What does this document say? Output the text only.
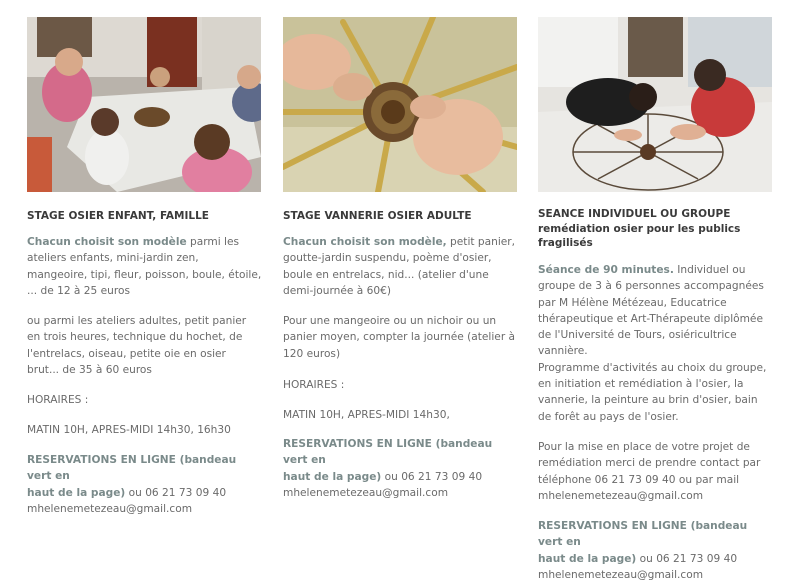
STAGE OSIER ENFANT, FAMILLE

Chacun choisit son modèle parmi les
ateliers enfants, mini-jardin zen,
mangeoire, tipi, fleur, poisson, boule, étoile,
... de 12 à 25 euros
ou parmi les ateliers adultes, petit panier
en trois heures, technique du hochet, de
l'entrelacs, oiseau, petite oie en osier
brut... de 35 à 60 euros
HORAIRES :
MATIN 10H, APRES-MIDI 14h30, 16h30
RESERVATIONS EN LIGNE (bandeau vert en
haut de la page) ou 06 21 73 09 40
mhelenemetezeau@gmail.com

STAGE VANNERIE OSIER ADULTE

Chacun choisit son modèle, petit panier,
goutte-jardin suspendu, poème d'osier,
boule en entrelacs, nid... (atelier d'une
demi-journée à 60€)
Pour une mangeoire ou un nichoir ou un
panier moyen, compter la journée (atelier à
120 euros)
HORAIRES :
MATIN 10H, APRES-MIDI 14h30,
RESERVATIONS EN LIGNE (bandeau vert en
haut de la page) ou 06 21 73 09 40
mhelenemetezeau@gmail.com
SEANCE INDIVIDUEL OU GROUPE
remédiation osier pour les publics
fragilisés
Séance de 90 minutes. Individuel ou
groupe de 3 à 6 personnes accompagnées
par M Hélène Métézeau, Educatrice
thérapeutique et Art-Thérapeute diplômée
de l'Université de Tours, osiéricultrice
vannière.
Programme d'activités au choix du groupe,
en initiation et remédiation à l'osier, la
vannerie, la peinture au brin d'osier, bain
de forêt au pays de l'osier.
Pour la mise en place de votre projet de
remédiation merci de prendre contact par
téléphone 06 21 73 09 40 ou par mail
mhelenemetezeau@gmail.com
RESERVATIONS EN LIGNE (bandeau vert en
haut de la page) ou 06 21 73 09 40
mhelenemetezeau@gmail.com
